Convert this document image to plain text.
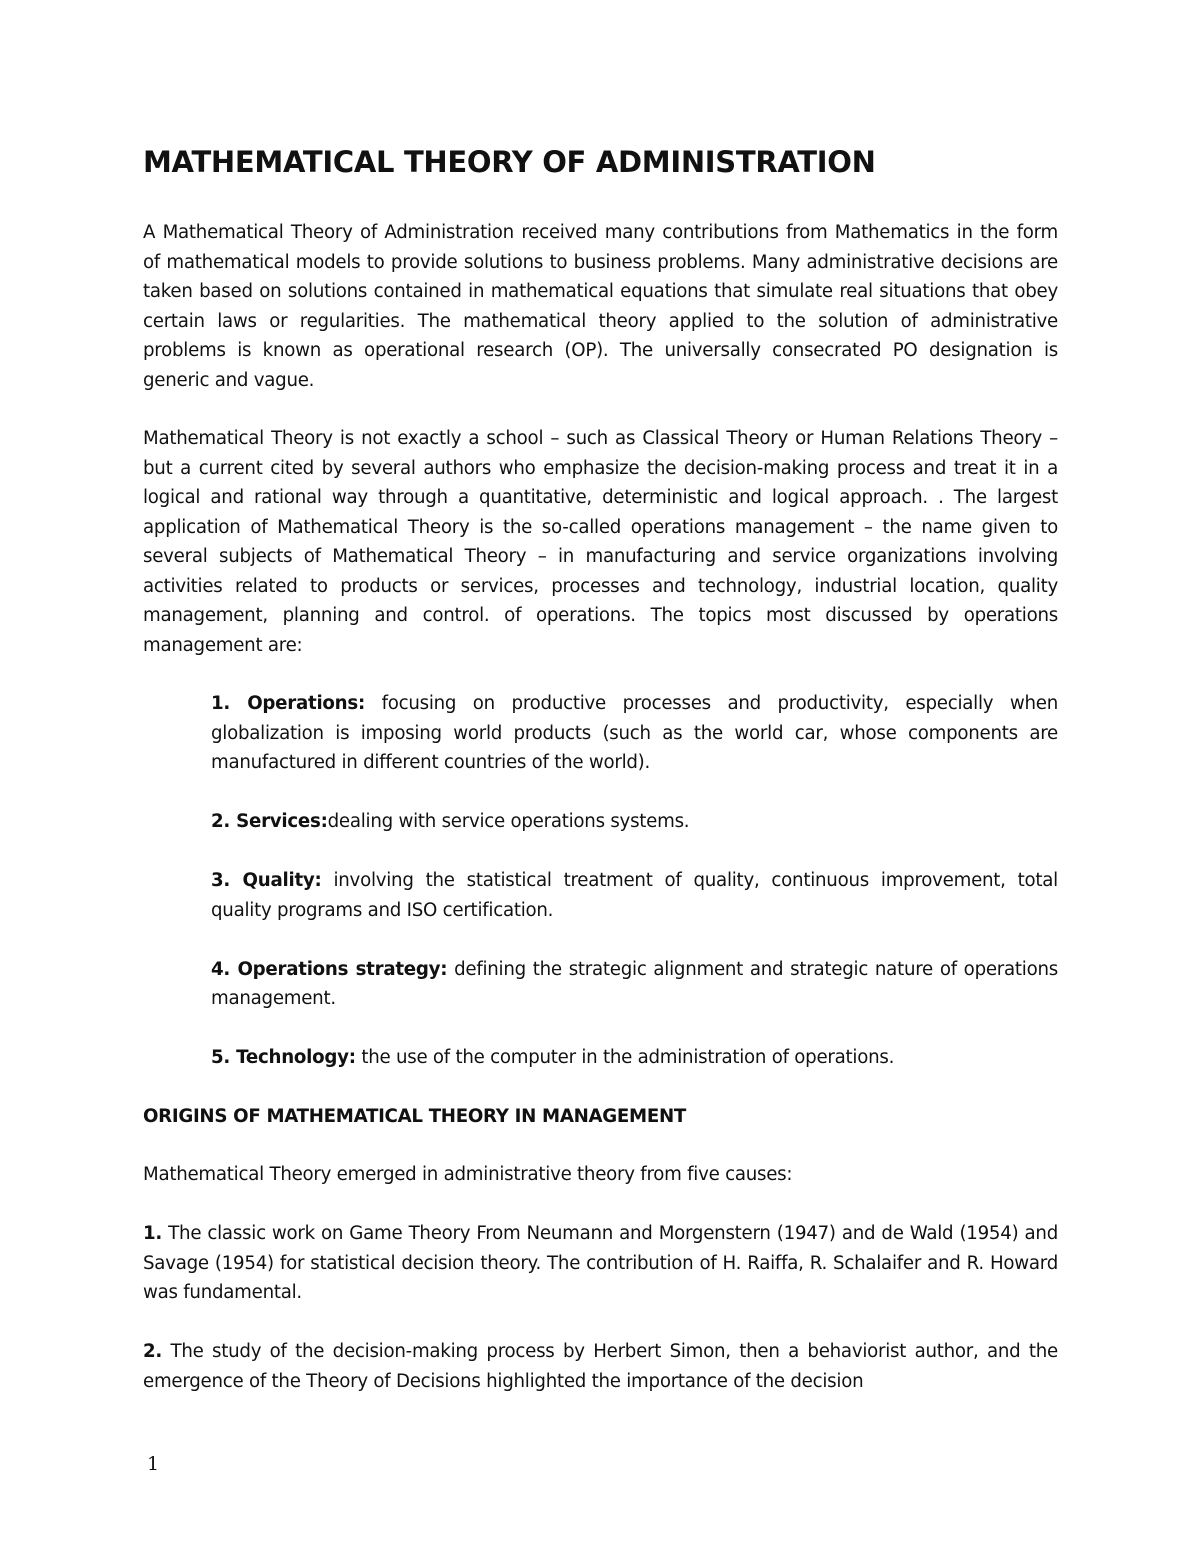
MATHEMATICAL THEORY OF ADMINISTRATION

A Mathematical Theory of Administration received many contributions from Mathematics in the form of mathematical models to provide solutions to business problems. Many administrative decisions are taken based on solutions contained in mathematical equations that simulate real situations that obey certain laws or regularities. The mathematical theory applied to the solution of administrative problems is known as operational research (OP). The universally consecrated PO designation is generic and vague.

Mathematical Theory is not exactly a school – such as Classical Theory or Human Relations Theory – but a current cited by several authors who emphasize the decision-making process and treat it in a logical and rational way through a quantitative, deterministic and logical approach. . The largest application of Mathematical Theory is the so-called operations management – the name given to several subjects of Mathematical Theory – in manufacturing and service organizations involving activities related to products or services, processes and technology, industrial location, quality management, planning and control. of operations. The topics most discussed by operations management are:

1. Operations: focusing on productive processes and productivity, especially when globalization is imposing world products (such as the world car, whose components are manufactured in different countries of the world).
2. Services:dealing with service operations systems.
3. Quality: involving the statistical treatment of quality, continuous improvement, total quality programs and ISO certification.
4. Operations strategy: defining the strategic alignment and strategic nature of operations management.
5. Technology: the use of the computer in the administration of operations.
ORIGINS OF MATHEMATICAL THEORY IN MANAGEMENT

Mathematical Theory emerged in administrative theory from five causes:

1. The classic work on Game Theory From Neumann and Morgenstern (1947) and de Wald (1954) and Savage (1954) for statistical decision theory. The contribution of H. Raiffa, R. Schalaifer and R. Howard was fundamental.

2. The study of the decision-making process by Herbert Simon, then a behaviorist author, and the emergence of the Theory of Decisions highlighted the importance of the decision

1
